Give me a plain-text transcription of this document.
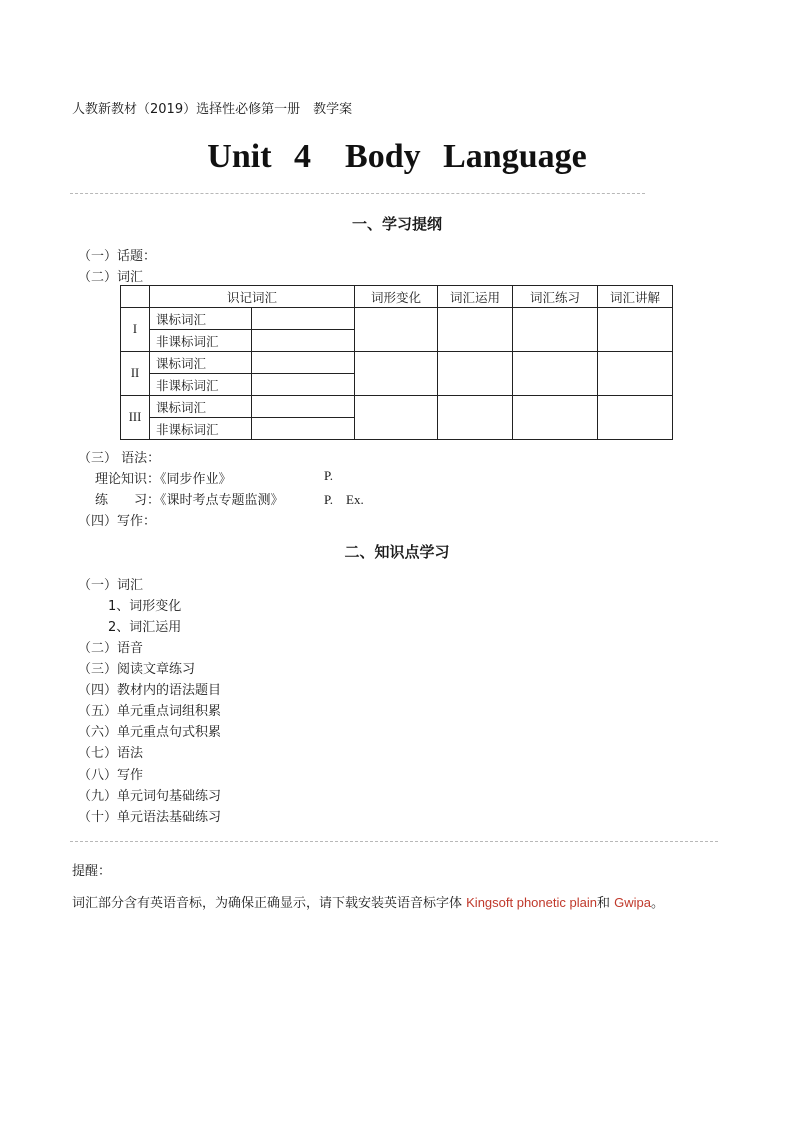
人教新教材（2019）选择性必修第一册　教学案
Unit 4　Body Language
一、学习提纲
（一）话题：
（二）词汇
	识记词汇		词形变化	词汇运用	词汇练习	词汇讲解
I	课标词汇					
	非课标词汇					
II	课标词汇					
	非课标词汇					
III	课标词汇					
	非课标词汇					
（三） 语法：
理论知识：《同步作业》	P.
练　　习：《课时考点专题监测》	P.　Ex.
（四）写作：
二、知识点学习
（一）词汇
1、词形变化
2、词汇运用
（二）语音
（三）阅读文章练习
（四）教材内的语法题目
（五）单元重点词组积累
（六）单元重点句式积累
（七）语法
（八）写作
（九）单元词句基础练习
（十）单元语法基础练习
提醒：
词汇部分含有英语音标，为确保正确显示，请下载安装英语音标字体 Kingsoft phonetic plain和 Gwipa。
